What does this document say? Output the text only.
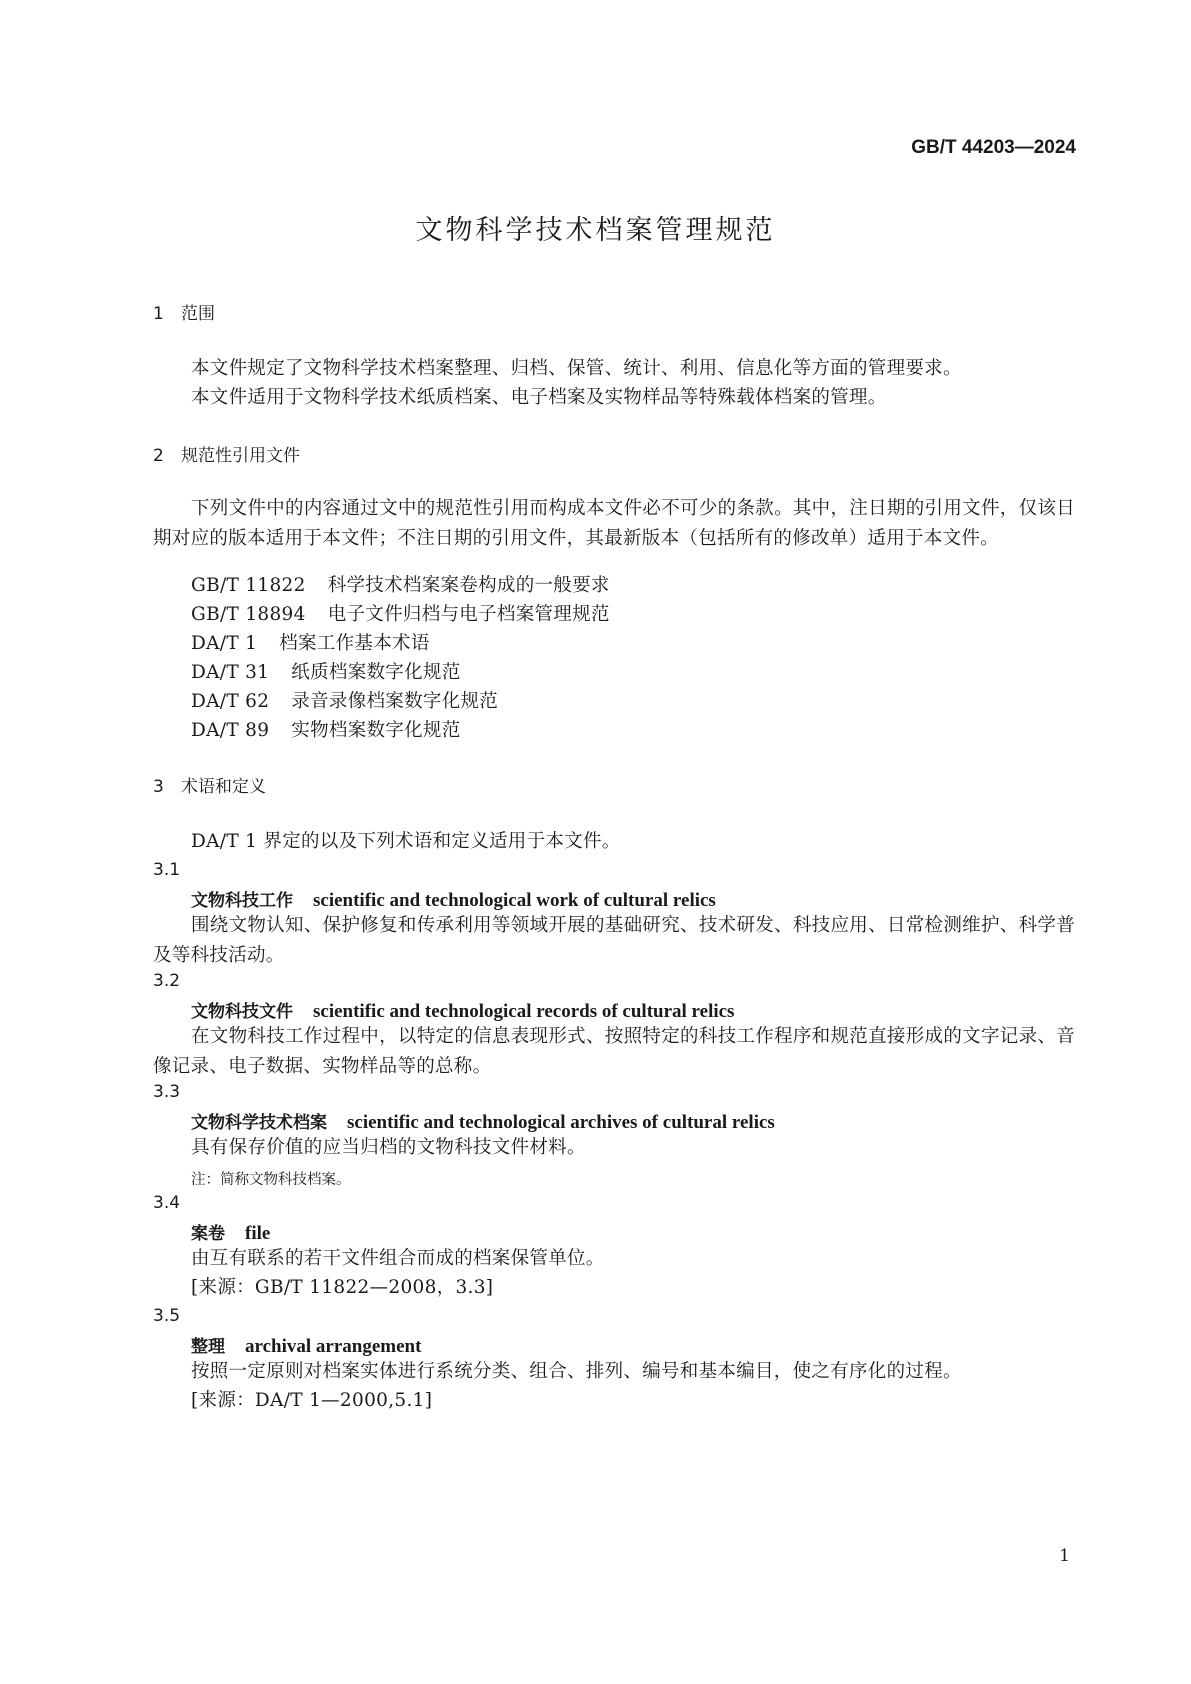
GB/T 44203—2024
文物科学技术档案管理规范
1 范围
本文件规定了文物科学技术档案整理、归档、保管、统计、利用、信息化等方面的管理要求。
本文件适用于文物科学技术纸质档案、电子档案及实物样品等特殊载体档案的管理。
2 规范性引用文件
下列文件中的内容通过文中的规范性引用而构成本文件必不可少的条款。其中，注日期的引用文件，仅该日期对应的版本适用于本文件；不注日期的引用文件，其最新版本（包括所有的修改单）适用于本文件。
GB/T 11822 科学技术档案案卷构成的一般要求
GB/T 18894 电子文件归档与电子档案管理规范
DA/T 1 档案工作基本术语
DA/T 31 纸质档案数字化规范
DA/T 62 录音录像档案数字化规范
DA/T 89 实物档案数字化规范
3 术语和定义
DA/T 1 界定的以及下列术语和定义适用于本文件。
3.1
文物科技工作 scientific and technological work of cultural relics
围绕文物认知、保护修复和传承利用等领域开展的基础研究、技术研发、科技应用、日常检测维护、科学普及等科技活动。
3.2
文物科技文件 scientific and technological records of cultural relics
在文物科技工作过程中，以特定的信息表现形式、按照特定的科技工作程序和规范直接形成的文字记录、音像记录、电子数据、实物样品等的总称。
3.3
文物科学技术档案 scientific and technological archives of cultural relics
具有保存价值的应当归档的文物科技文件材料。
注：简称文物科技档案。
3.4
案卷 file
由互有联系的若干文件组合而成的档案保管单位。
[来源：GB/T 11822—2008，3.3]
3.5
整理 archival arrangement
按照一定原则对档案实体进行系统分类、组合、排列、编号和基本编目，使之有序化的过程。
[来源：DA/T 1—2000,5.1]
1
